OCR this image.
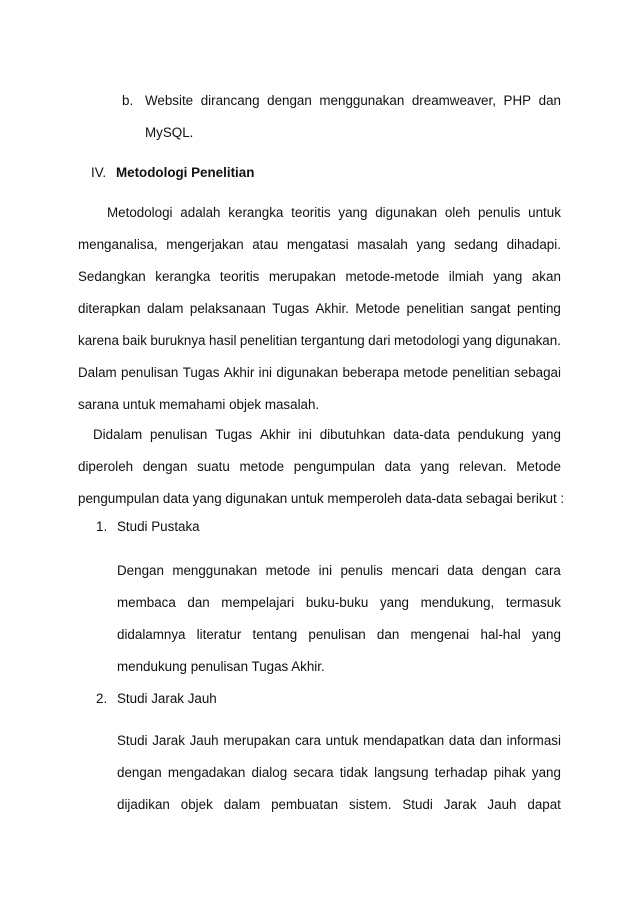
b. Website dirancang dengan menggunakan dreamweaver, PHP dan
MySQL.
IV. Metodologi Penelitian
Metodologi adalah kerangka teoritis yang digunakan oleh penulis untuk
menganalisa, mengerjakan atau mengatasi masalah yang sedang dihadapi.
Sedangkan kerangka teoritis merupakan metode-metode ilmiah yang akan
diterapkan dalam pelaksanaan Tugas Akhir. Metode penelitian sangat penting
karena baik buruknya hasil penelitian tergantung dari metodologi yang digunakan.
Dalam penulisan Tugas Akhir ini digunakan beberapa metode penelitian sebagai
sarana untuk memahami objek masalah.
Didalam penulisan Tugas Akhir ini dibutuhkan data-data pendukung yang
diperoleh dengan suatu metode pengumpulan data yang relevan. Metode
pengumpulan data yang digunakan untuk memperoleh data-data sebagai berikut :
1. Studi Pustaka
Dengan menggunakan metode ini penulis mencari data dengan cara
membaca dan mempelajari buku-buku yang mendukung, termasuk
didalamnya literatur tentang penulisan dan mengenai hal-hal yang
mendukung penulisan Tugas Akhir.
2. Studi Jarak Jauh
Studi Jarak Jauh merupakan cara untuk mendapatkan data dan informasi
dengan mengadakan dialog secara tidak langsung terhadap pihak yang
dijadikan objek dalam pembuatan sistem. Studi Jarak Jauh dapat
